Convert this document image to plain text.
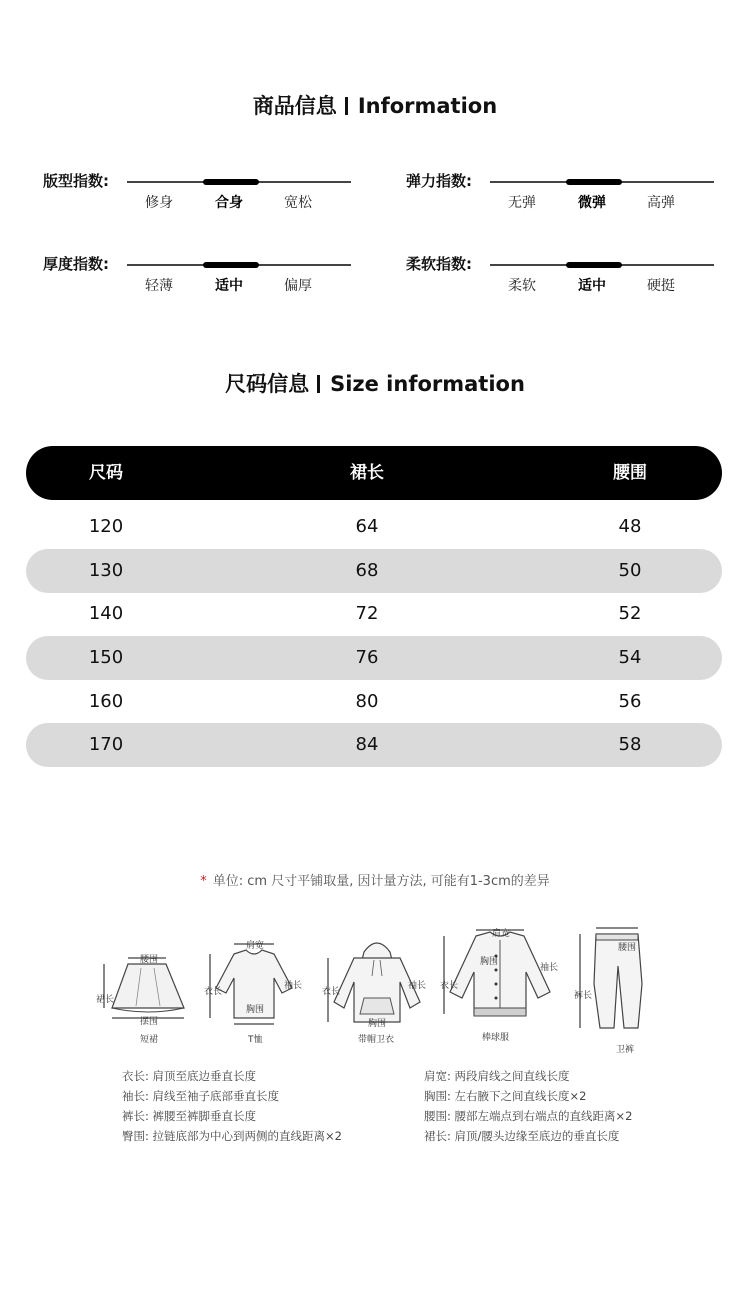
商品信息 Information
版型指数:
修身	合身	宽松
弹力指数:
无弹	微弹	高弹
厚度指数:
轻薄	适中	偏厚
柔软指数:
柔软	适中	硬挺
尺码信息 Size information
尺码	裙长	腰围
120	64	48
130	68	50
140	72	52
150	76	54
160	80	56
170	84	58
* 单位: cm 尺寸平铺取量, 因计量方法, 可能有1-3cm的差异
腰围
裙长
摆围
短裙
肩宽
衣长
袖长
胸围
T恤
衣长
袖长
胸围
带帽卫衣
肩宽
衣长
袖长
胸围
棒球服
腰围
裤长
卫裤
衣长: 肩顶至底边垂直长度
袖长: 肩线至袖子底部垂直长度
裤长: 裤腰至裤脚垂直长度
臀围: 拉链底部为中心到两侧的直线距离×2
肩宽: 两段肩线之间直线长度
胸围: 左右腋下之间直线长度×2
腰围: 腰部左端点到右端点的直线距离×2
裙长: 肩顶/腰头边缘至底边的垂直长度
